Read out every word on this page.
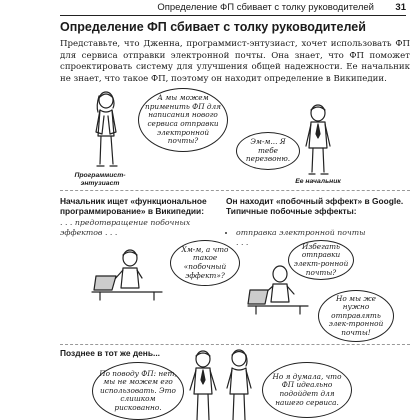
Определение ФП сбивает с толку руководителей 31
Определение ФП сбивает с толку руководителей

Представьте, что Дженна, программист-энтузиаст, хочет использовать ФП для сервиса отправки электронной почты. Она знает, что ФП поможет спроектировать систему для улучшения общей надежности. Ее начальник не знает, что такое ФП, поэтому он находит определение в Википедии.

А мы можем применить ФП для написания нового сервиса отправки электронной почты?
Программист-энтузиаст
Эм-м... Я тебе перезвоню.
Ее начальник

Начальник ищет «функциональное программирование» в Википедии:

. . . предотвращение побочных эффектов . . .

Он находит «побочный эффект» в Google. Типичные побочные эффекты:

• отправка электронной почты
. . .
Хм-м, а что такое «побочный эффект»?
Избегать отправки элект-ронной почты?
Но мы же нужно отправлять элек-тронной почты!

Позднее в тот же день...

По поводу ФП: нет, мы не можем его использовать. Это слишком рискованно.
Но я думала, что ФП идеально подойдет для нашего сервиса.
